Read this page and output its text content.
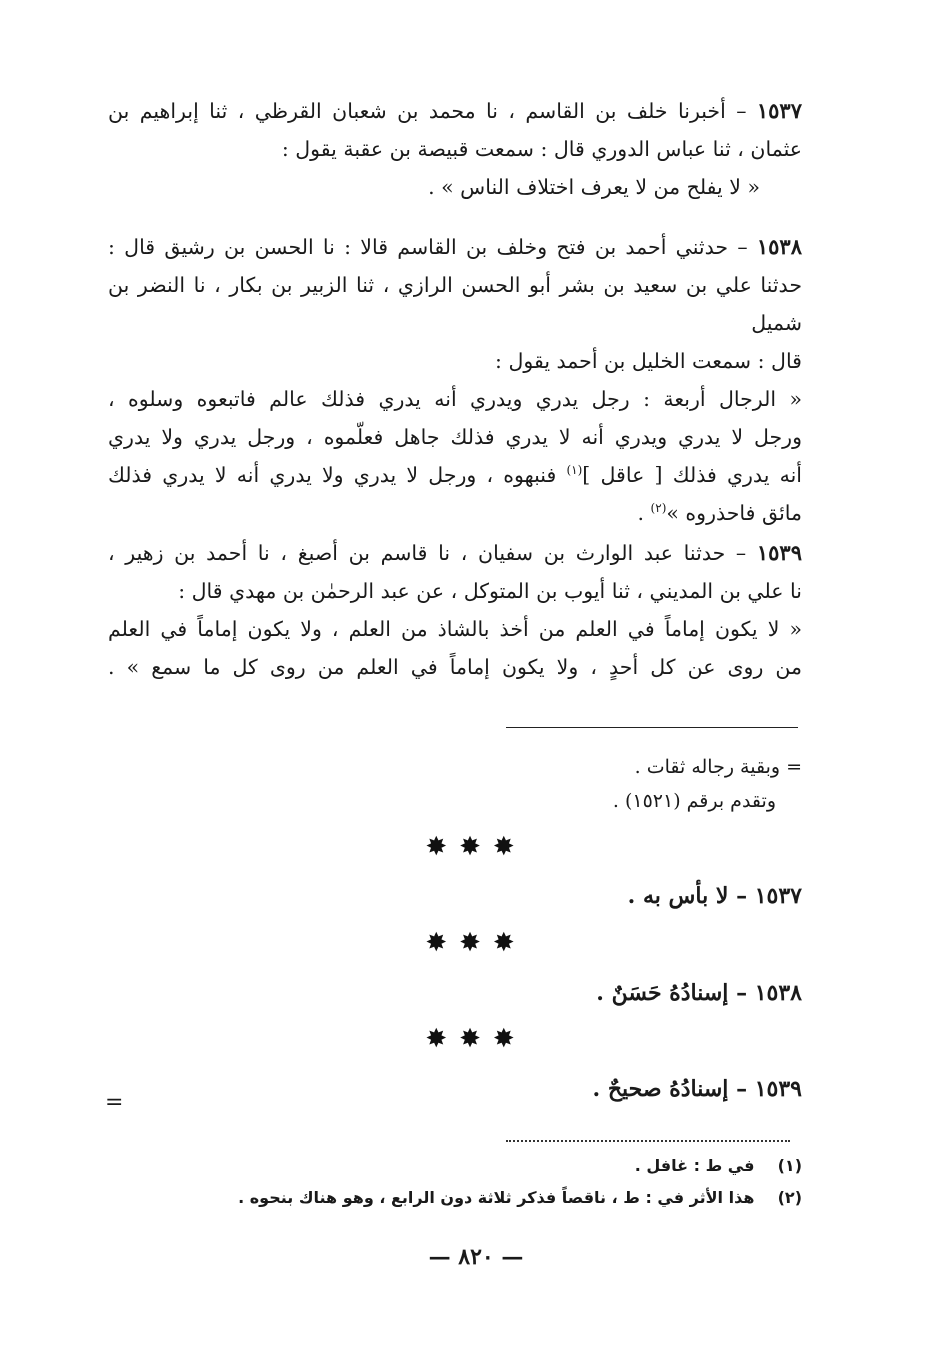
١٥٣٧ – أخبرنا خلف بن القاسم ، نا محمد بن شعبان القرظي ، ثنا إبراهيم بن
عثمان ، ثنا عباس الدوري قال : سمعت قبيصة بن عقبة يقول :
« لا يفلح من لا يعرف اختلاف الناس » .
١٥٣٨ – حدثني أحمد بن فتح وخلف بن القاسم قالا : نا الحسن بن رشيق قال :
حدثنا علي بن سعيد بن بشر أبو الحسن الرازي ، ثنا الزبير بن بكار ، نا النضر بن شميل
قال : سمعت الخليل بن أحمد يقول :
« الرجال أربعة : رجل يدري ويدري أنه يدري فذلك عالم فاتبعوه وسلوه ،
ورجل لا يدري ويدري أنه لا يدري فذلك جاهل فعلّموه ، ورجل يدري ولا يدري
أنه يدري فذلك [ عاقل ]$^{(١)}$ فنبهوه ، ورجل لا يدري ولا يدري أنه لا يدري فذلك
مائق فاحذروه »$^{(٢)}$ .
١٥٣٩ – حدثنا عبد الوارث بن سفيان ، نا قاسم بن أصبغ ، نا أحمد بن زهير ،
نا علي بن المديني ، ثنا أيوب بن المتوكل ، عن عبد الرحمٰن بن مهدي قال :
« لا يكون إماماً في العلم من أخذ بالشاذ من العلم ، ولا يكون إماماً في العلم
من روى عن كل أحدٍ ، ولا يكون إماماً في العلم من روى كل ما سمع » .
= وبقية رجاله ثقات .
وتقدم برقم (١٥٢١) .
✸✸✸
١٥٣٧ – لا بأس به .
✸✸✸
١٥٣٨ – إسنادُهُ حَسَنٌ .
✸✸✸
١٥٣٩ – إسنادُهُ صحيحٌ .
=
(١) في ط : غافل .
(٢) هذا الأثر في : ط ، ناقصاً فذكر ثلاثة دون الرابع ، وهو هناك بنحوه .
— ٨٢٠ —
